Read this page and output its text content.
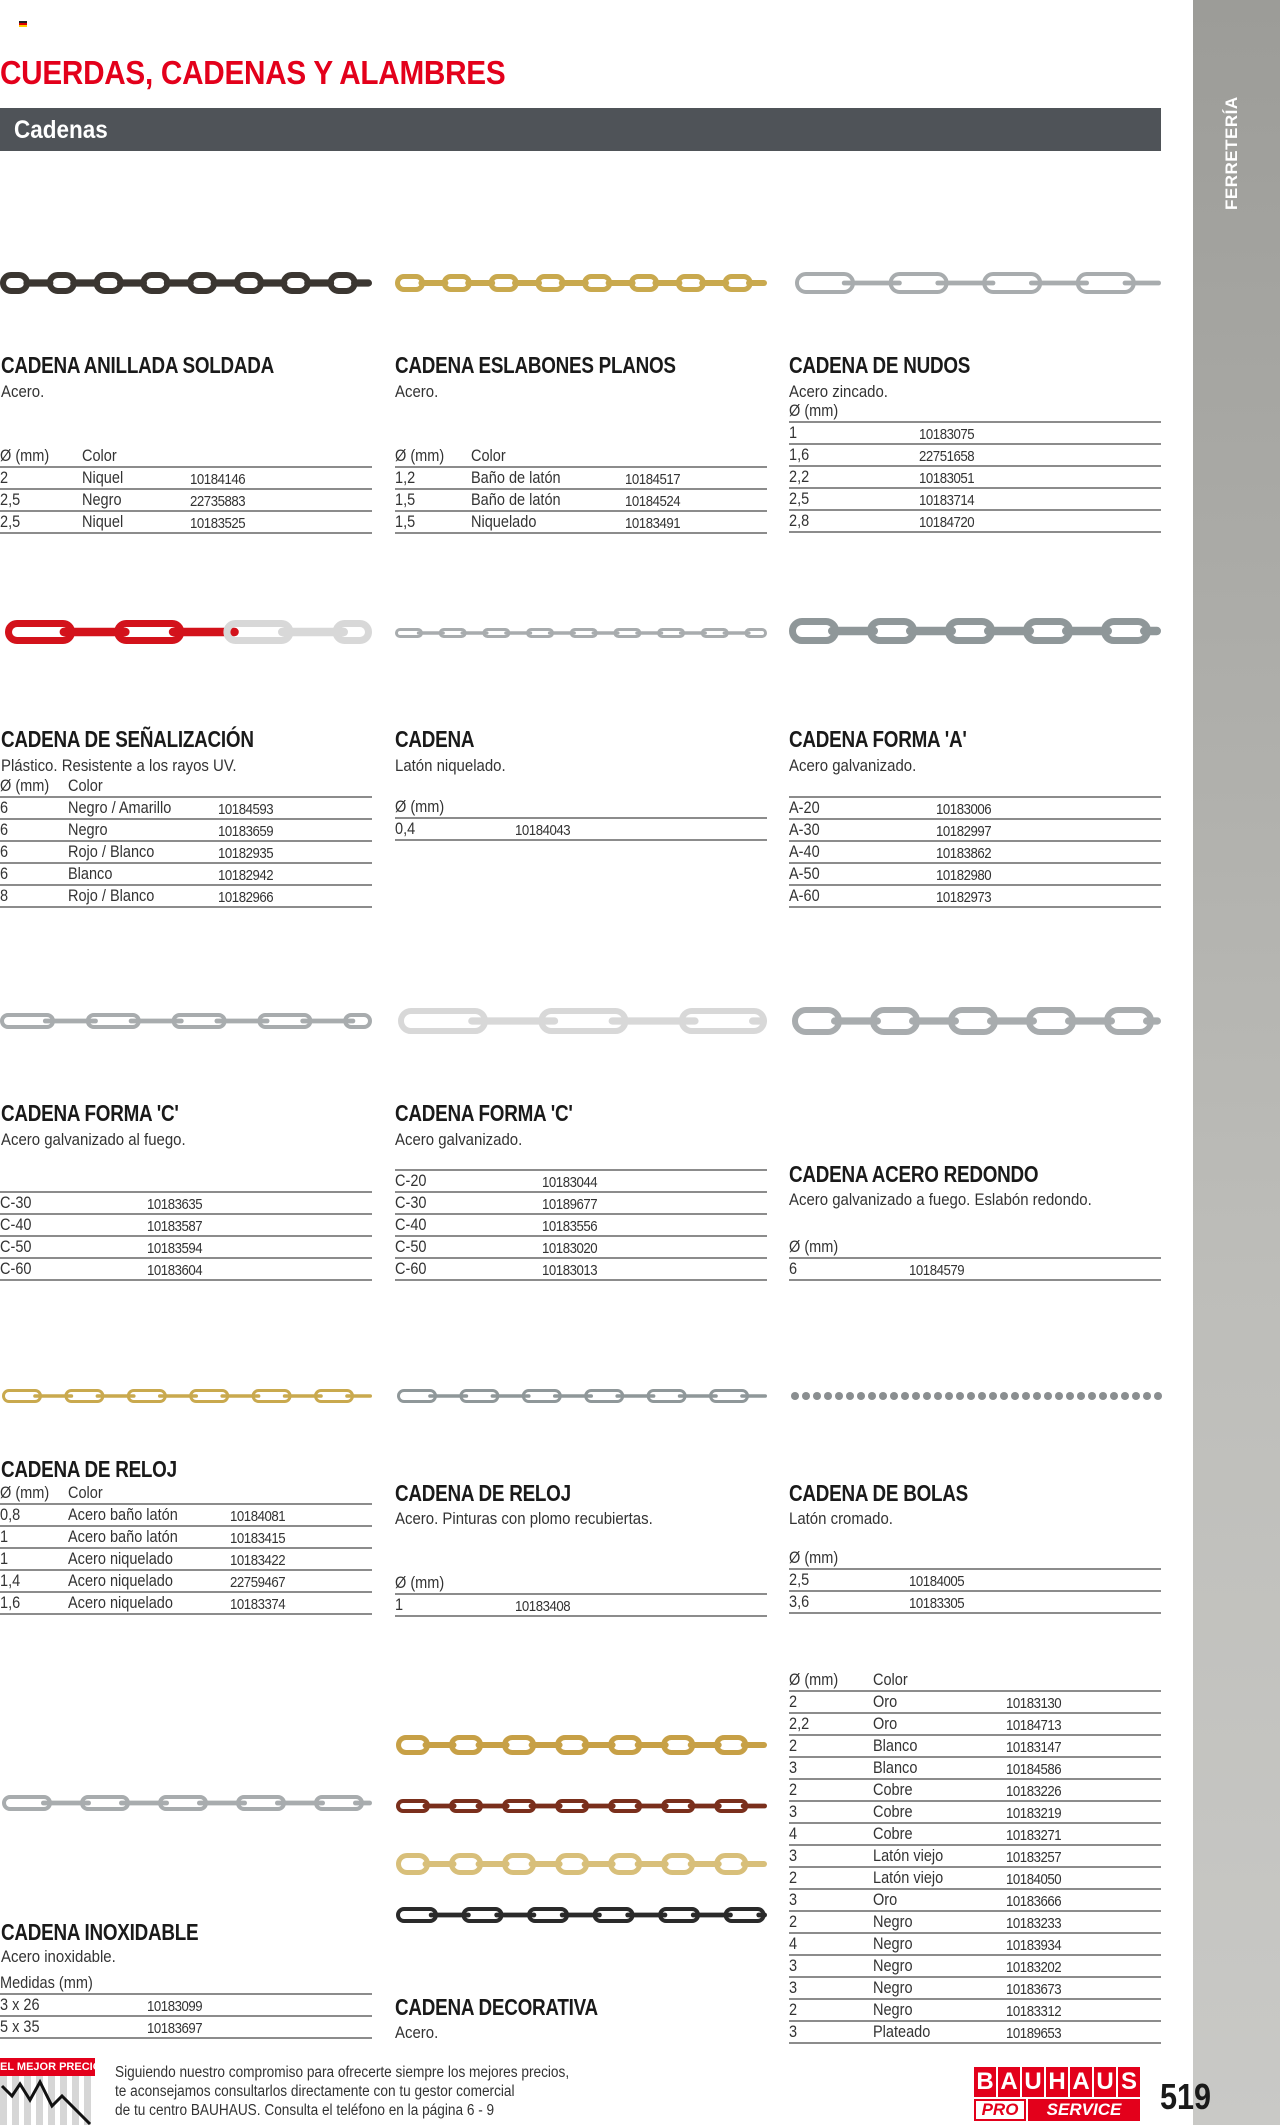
CUERDAS, CADENAS Y ALAMBRES
Cadenas	FERRETERÍA
CADENA ANILLADA SOLDADA
Acero.
Ø (mm) Color
2	Niquel	10184146
2,5	Negro	22735883
2,5	Niquel	10183525
CADENA ESLABONES PLANOS
Acero.
Ø (mm) Color
1,2	Baño de latón	10184517
1,5	Baño de latón	10184524
1,5	Niquelado	10183491
CADENA DE NUDOS
Acero zincado.
Ø (mm)
1	10183075
1,6	22751658
2,2	10183051
2,5	10183714
2,8	10184720
CADENA DE SEÑALIZACIÓN
Plástico. Resistente a los rayos UV.
Ø (mm) Color
6	Negro / Amarillo	10184593
6	Negro	10183659
6	Rojo / Blanco	10182935
6	Blanco	10182942
8	Rojo / Blanco	10182966
CADENA
Latón niquelado.
Ø (mm)
0,4	10184043
CADENA FORMA 'A'
Acero galvanizado.
A-20	10183006
A-30	10182997
A-40	10183862
A-50	10182980
A-60	10182973
CADENA FORMA 'C'
Acero galvanizado al fuego.
C-30	10183635
C-40	10183587
C-50	10183594
C-60	10183604
CADENA FORMA 'C'
Acero galvanizado.
C-20	10183044
C-30	10189677
C-40	10183556
C-50	10183020
C-60	10183013
CADENA ACERO REDONDO
Acero galvanizado a fuego. Eslabón redondo.
Ø (mm)
6	10184579
CADENA DE RELOJ
Ø (mm) Color
0,8	Acero baño latón	10184081
1	Acero baño latón	10183415
1	Acero niquelado	10183422
1,4	Acero niquelado	22759467
1,6	Acero niquelado	10183374
CADENA DE RELOJ
Acero. Pinturas con plomo recubiertas.
Ø (mm)
1	10183408
CADENA DE BOLAS
Latón cromado.
Ø (mm)
2,5	10184005
3,6	10183305
CADENA INOXIDABLE
Acero inoxidable.
Medidas (mm)
3 x 26	10183099
5 x 35	10183697
CADENA DECORATIVA
Acero.
Ø (mm) Color
2	Oro	10183130
2,2	Oro	10184713
2	Blanco	10183147
3	Blanco	10184586
2	Cobre	10183226
3	Cobre	10183219
4	Cobre	10183271
3	Latón viejo	10183257
2	Latón viejo	10184050
3	Oro	10183666
2	Negro	10183233
4	Negro	10183934
3	Negro	10183202
3	Negro	10183673
2	Negro	10183312
3	Plateado	10189653
EL MEJOR PRECIO Siguiendo nuestro compromiso para ofrecerte siempre los mejores precios,
te aconsejamos consultarlos directamente con tu gestor comercial
de tu centro BAUHAUS. Consulta el teléfono en la página 6 - 9
B A U H A U S
PRO	SERVICE	519
